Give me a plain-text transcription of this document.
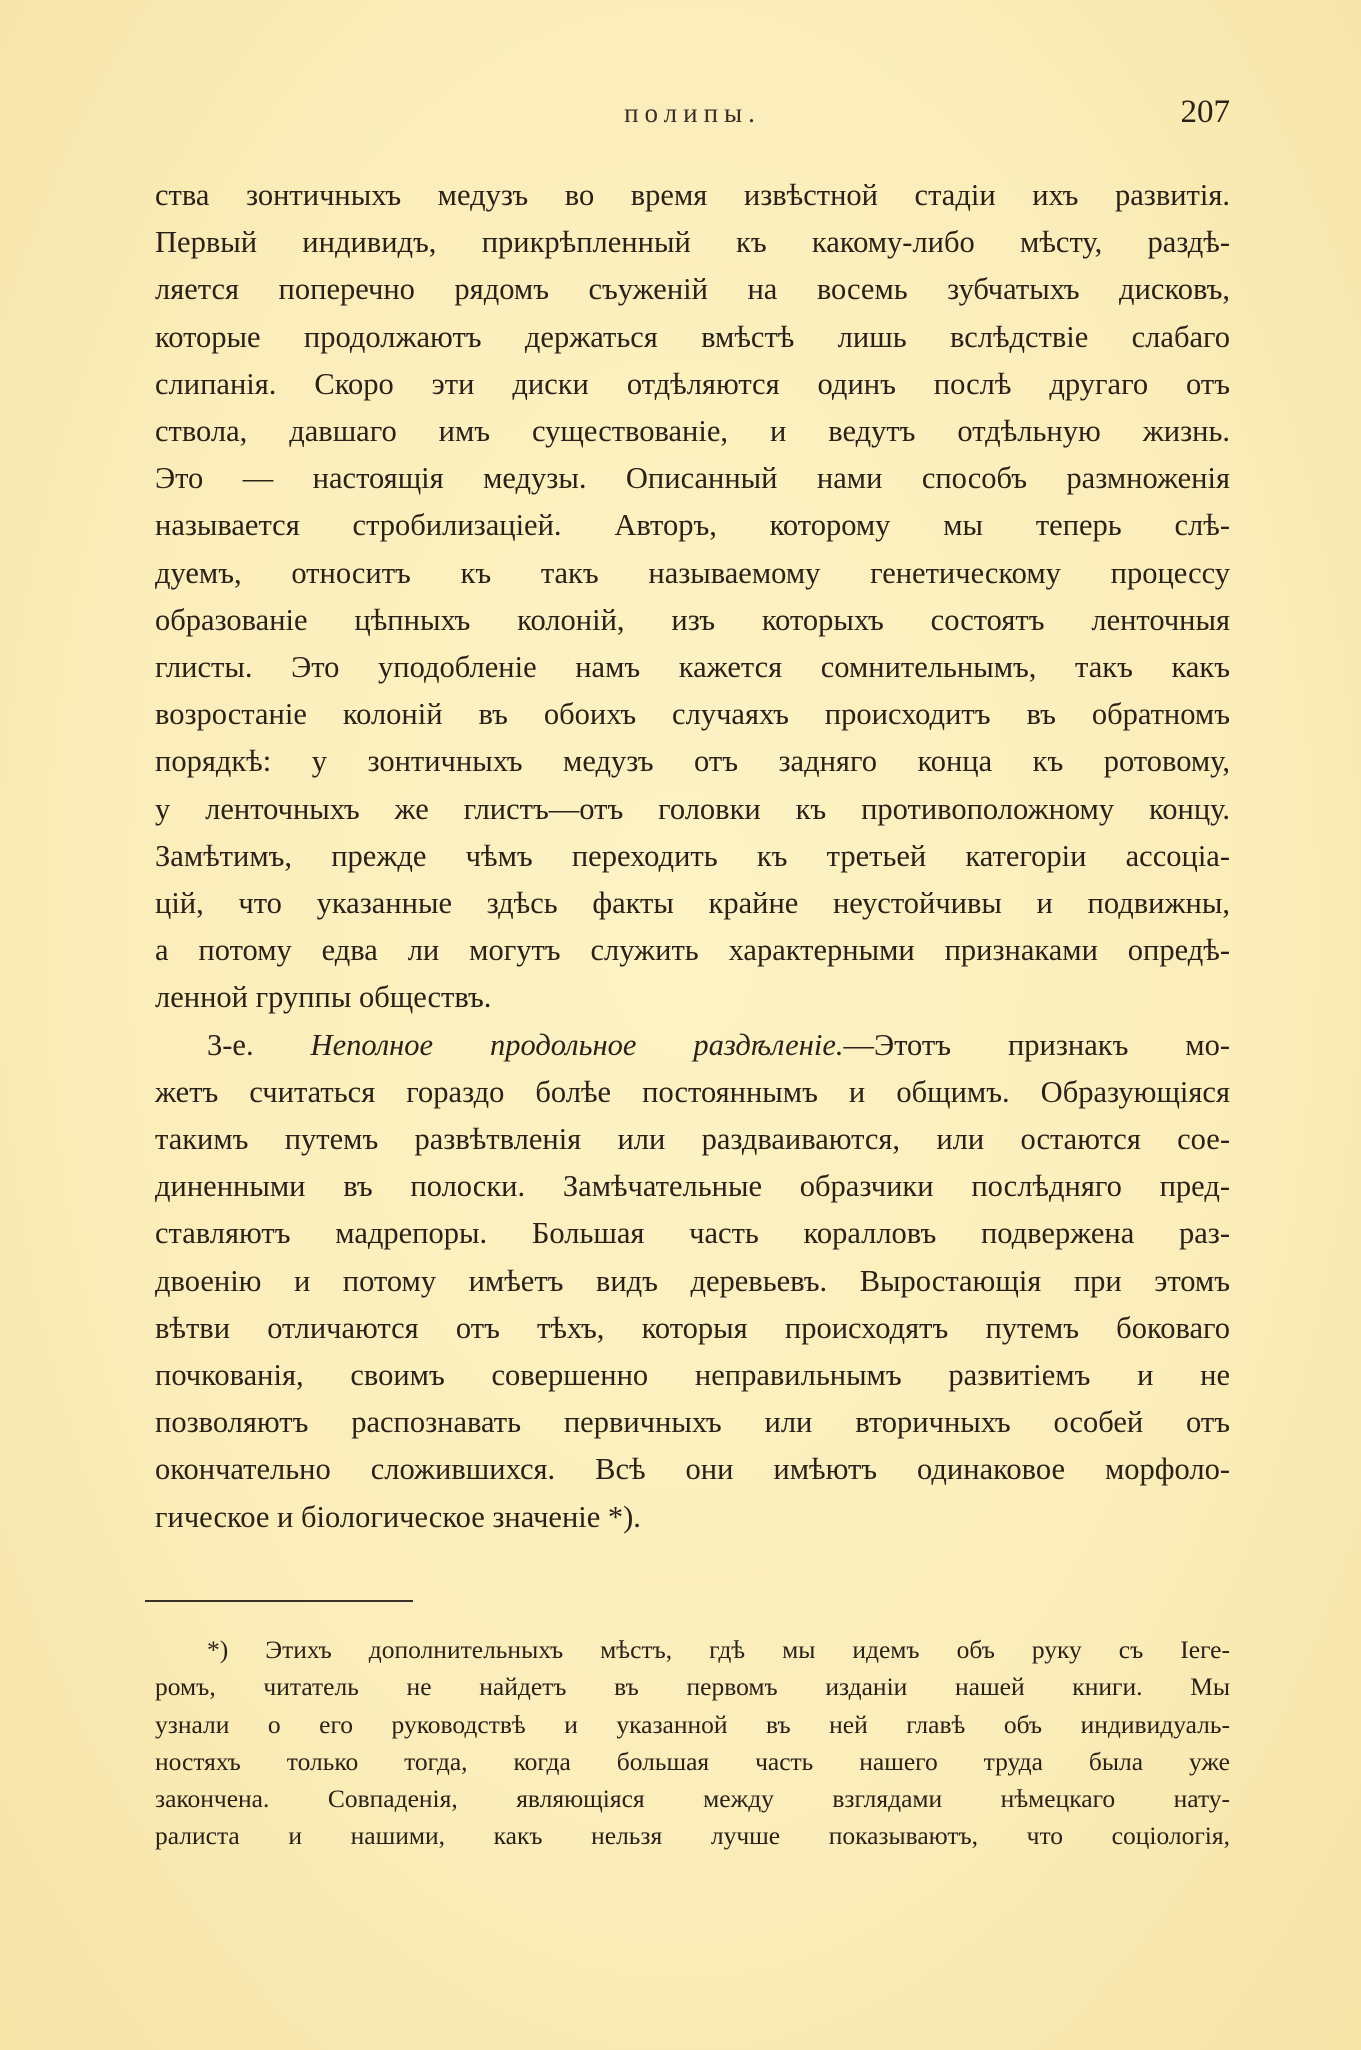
полипы.	207
ства зонтичныхъ медузъ во время извѣстной стадіи ихъ развитія.
Первый индивидъ, прикрѣпленный къ какому-либо мѣсту, раздѣ-
ляется поперечно рядомъ съуженій на восемь зубчатыхъ дисковъ,
которые продолжаютъ держаться вмѣстѣ лишь вслѣдствіе слабаго
слипанія. Скоро эти диски отдѣляются одинъ послѣ другаго отъ
ствола, давшаго имъ существованіе, и ведутъ отдѣльную жизнь.
Это — настоящія медузы. Описанный нами способъ размноженія
называется стробилизаціей. Авторъ, которому мы теперь слѣ-
дуемъ, относитъ къ такъ называемому генетическому процессу
образованіе цѣпныхъ колоній, изъ которыхъ состоятъ ленточныя
глисты. Это уподобленіе намъ кажется сомнительнымъ, такъ какъ
возростаніе колоній въ обоихъ случаяхъ происходитъ въ обратномъ
порядкѣ: у зонтичныхъ медузъ отъ задняго конца къ ротовому,
у ленточныхъ же глистъ—отъ головки къ противоположному концу.
Замѣтимъ, прежде чѣмъ переходить къ третьей категоріи ассоціа-
цій, что указанные здѣсь факты крайне неустойчивы и подвижны,
а потому едва ли могутъ служить характерными признаками опредѣ-
ленной группы обществъ.
3-е. Неполное продольное раздѣленіе.—Этотъ признакъ мо-
жетъ считаться гораздо болѣе постояннымъ и общимъ. Образующіяся
такимъ путемъ развѣтвленія или раздваиваются, или остаются сое-
диненными въ полоски. Замѣчательные образчики послѣдняго пред-
ставляютъ мадрепоры. Большая часть коралловъ подвержена раз-
двоенію и потому имѣетъ видъ деревьевъ. Выростающія при этомъ
вѣтви отличаются отъ тѣхъ, которыя происходятъ путемъ боковаго
почкованія, своимъ совершенно неправильнымъ развитіемъ и не
позволяютъ распознавать первичныхъ или вторичныхъ особей отъ
окончательно сложившихся. Всѣ они имѣютъ одинаковое морфоло-
гическое и біологическое значеніе *).
*) Этихъ дополнительныхъ мѣстъ, гдѣ мы идемъ объ руку съ Іеге-
ромъ, читатель не найдетъ въ первомъ изданіи нашей книги. Мы
узнали о его руководствѣ и указанной въ ней главѣ объ индивидуаль-
ностяхъ только тогда, когда большая часть нашего труда была уже
закончена. Совпаденія, являющіяся между взглядами нѣмецкаго нату-
ралиста и нашими, какъ нельзя лучше показываютъ, что соціологія,
